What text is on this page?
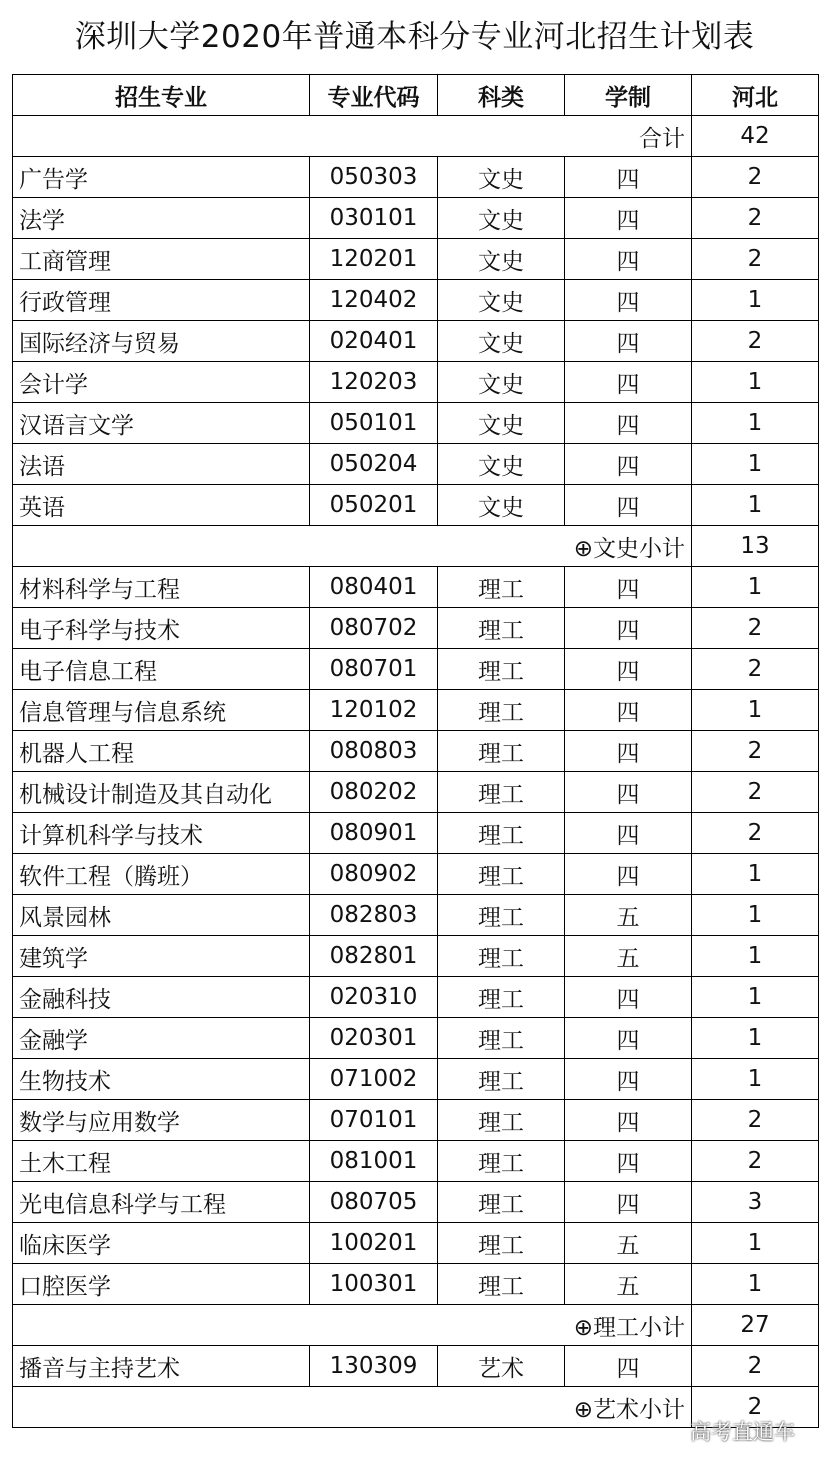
深圳大学2020年普通本科分专业河北招生计划表
招生专业	专业代码	科类	学制	河北
合计				42
广告学	050303	文史	四	2
法学	030101	文史	四	2
工商管理	120201	文史	四	2
行政管理	120402	文史	四	1
国际经济与贸易	020401	文史	四	2
会计学	120203	文史	四	1
汉语言文学	050101	文史	四	1
法语	050204	文史	四	1
英语	050201	文史	四	1
⊕文史小计				13
材料科学与工程	080401	理工	四	1
电子科学与技术	080702	理工	四	2
电子信息工程	080701	理工	四	2
信息管理与信息系统	120102	理工	四	1
机器人工程	080803	理工	四	2
机械设计制造及其自动化	080202	理工	四	2
计算机科学与技术	080901	理工	四	2
软件工程（腾班）	080902	理工	四	1
风景园林	082803	理工	五	1
建筑学	082801	理工	五	1
金融科技	020310	理工	四	1
金融学	020301	理工	四	1
生物技术	071002	理工	四	1
数学与应用数学	070101	理工	四	2
土木工程	081001	理工	四	2
光电信息科学与工程	080705	理工	四	3
临床医学	100201	理工	五	1
口腔医学	100301	理工	五	1
⊕理工小计				27
播音与主持艺术	130309	艺术	四	2
⊕艺术小计				2
高考直通车
